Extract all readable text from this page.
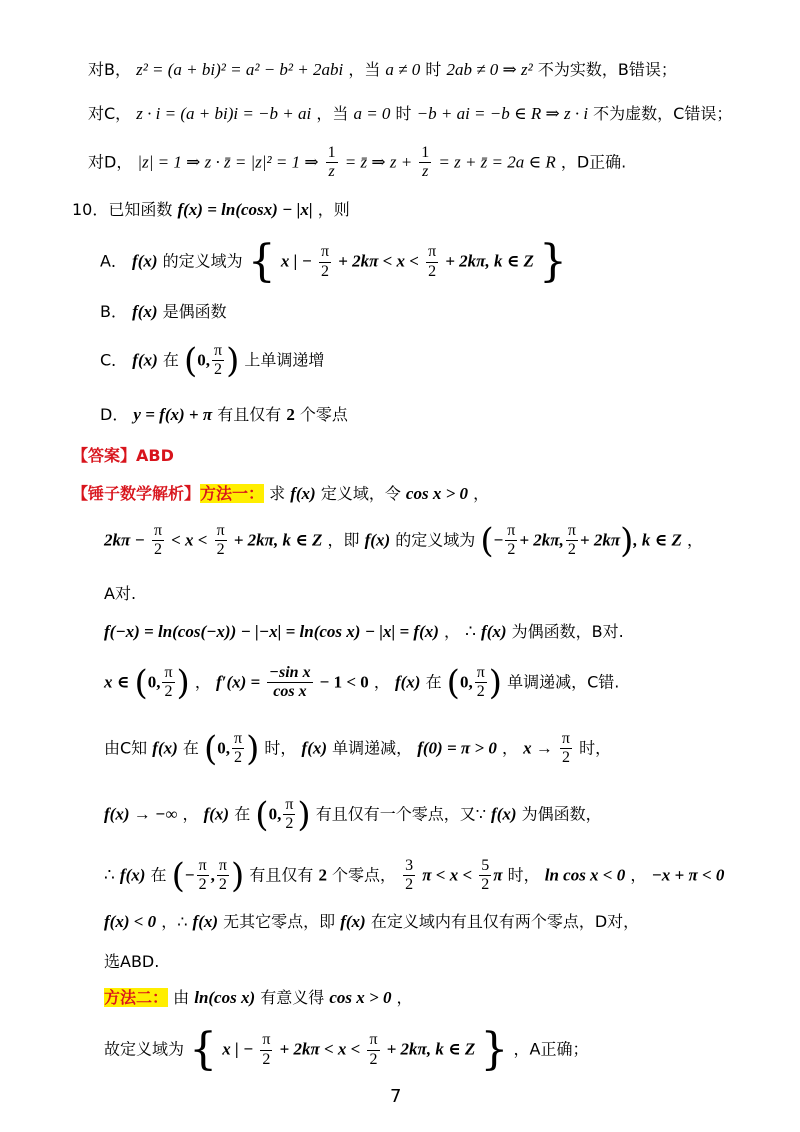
对B， z² = (a + bi)² = a² − b² + 2abi ，当 a ≠ 0 时 2ab ≠ 0 ⇒ z² 不为实数，B错误；
对C， z · i = (a + bi)i = −b + ai ，当 a = 0 时 −b + ai = −b ∈ R ⇒ z · i 不为虚数，C错误；
对D， |z| = 1 ⇒ z · z̄ = |z|² = 1 ⇒ $\frac{1}{z}$ = z̄ ⇒ $z + \frac{1}{z} = z$ + z̄ = 2a ∈ R ，D正确.
10．已知函数 f(x) = ln(cosx) − |x| ，则
A． f(x) 的定义域为 { x | − $\frac{\pi}{2} + 2k\pi < x < \frac{\pi}{2} + 2k\pi$, k ∈ Z }
B． f(x) 是偶函数
C． f(x) 在 (0, $\frac{\pi}{2}$ ) 上单调递增
D． y = f(x) + π 有且仅有 2 个零点
【答案】ABD
【锤子数学解析】方法一： 求 f(x) 定义域，令 cos x > 0 ，
$2k\pi - \frac{\pi}{2} < x < \frac{\pi}{2} + 2k\pi$, k ∈ Z ，即 f(x) 的定义域为 (− $\frac{\pi}{2} + 2k\pi$, $\frac{\pi}{2} + 2k\pi$), k ∈ Z ，
A对.
f(−x) = ln(cos(−x)) − |−x| = ln(cos x) − |x| = f(x) ， ∴ f(x) 为偶函数，B对.
x ∈ (0, $\frac{\pi}{2}$ ) ， $f'(x) = \frac{\text{−sin x}}{\text{cos x}} - 1 < 0$ ， f(x) 在 (0, $\frac{\pi}{2}$ ) 单调递减，C错.
由C知 f(x) 在 (0, $\frac{\pi}{2}$ ) 时， f(x) 单调递减， f(0) = π > 0 ， $x \to \frac{\pi}{2}$ 时，
f(x) → −∞ ， f(x) 在 (0, $\frac{\pi}{2}$ ) 有且仅有一个零点，又∵ f(x) 为偶函数，
∴ f(x) 在 (− $\frac{\pi}{2}$ , $\frac{\pi}{2}$ ) 有且仅有 2 个零点， $\frac{3}{2}$ $\pi < x < \frac{5}{2}$ π 时， ln cos x < 0 ， −x + π < 0
f(x) < 0 ，∴ f(x) 无其它零点，即 f(x) 在定义域内有且仅有两个零点，D对，
选ABD.
方法二： 由 ln(cos x) 有意义得 cos x > 0 ，
故定义域为 { x | − $\frac{\pi}{2} + 2k\pi < x < \frac{\pi}{2} + 2k\pi$, k ∈ Z } ，A正确；
7
